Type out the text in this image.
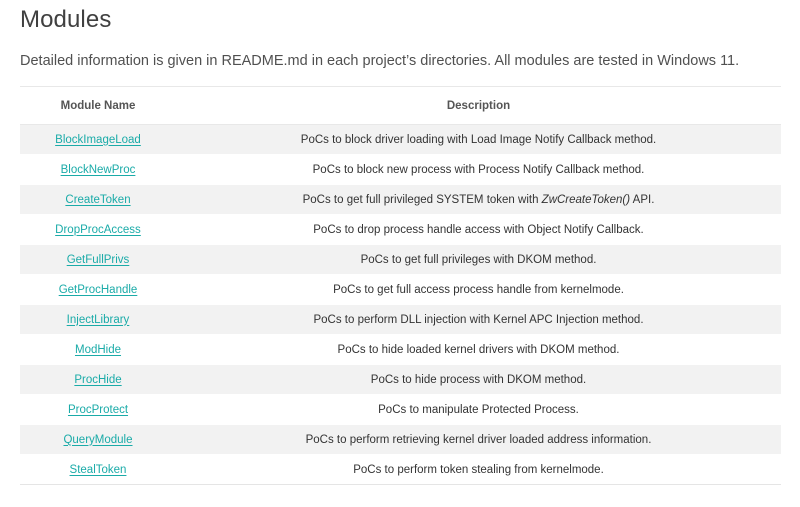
Modules

Detailed information is given in README.md in each project’s directories. All modules are tested in Windows 11.

Module Name	Description
BlockImageLoad	PoCs to block driver loading with Load Image Notify Callback method.
BlockNewProc	PoCs to block new process with Process Notify Callback method.
CreateToken	PoCs to get full privileged SYSTEM token with ZwCreateToken() API.
DropProcAccess	PoCs to drop process handle access with Object Notify Callback.
GetFullPrivs	PoCs to get full privileges with DKOM method.
GetProcHandle	PoCs to get full access process handle from kernelmode.
InjectLibrary	PoCs to perform DLL injection with Kernel APC Injection method.
ModHide	PoCs to hide loaded kernel drivers with DKOM method.
ProcHide	PoCs to hide process with DKOM method.
ProcProtect	PoCs to manipulate Protected Process.
QueryModule	PoCs to perform retrieving kernel driver loaded address information.
StealToken	PoCs to perform token stealing from kernelmode.
